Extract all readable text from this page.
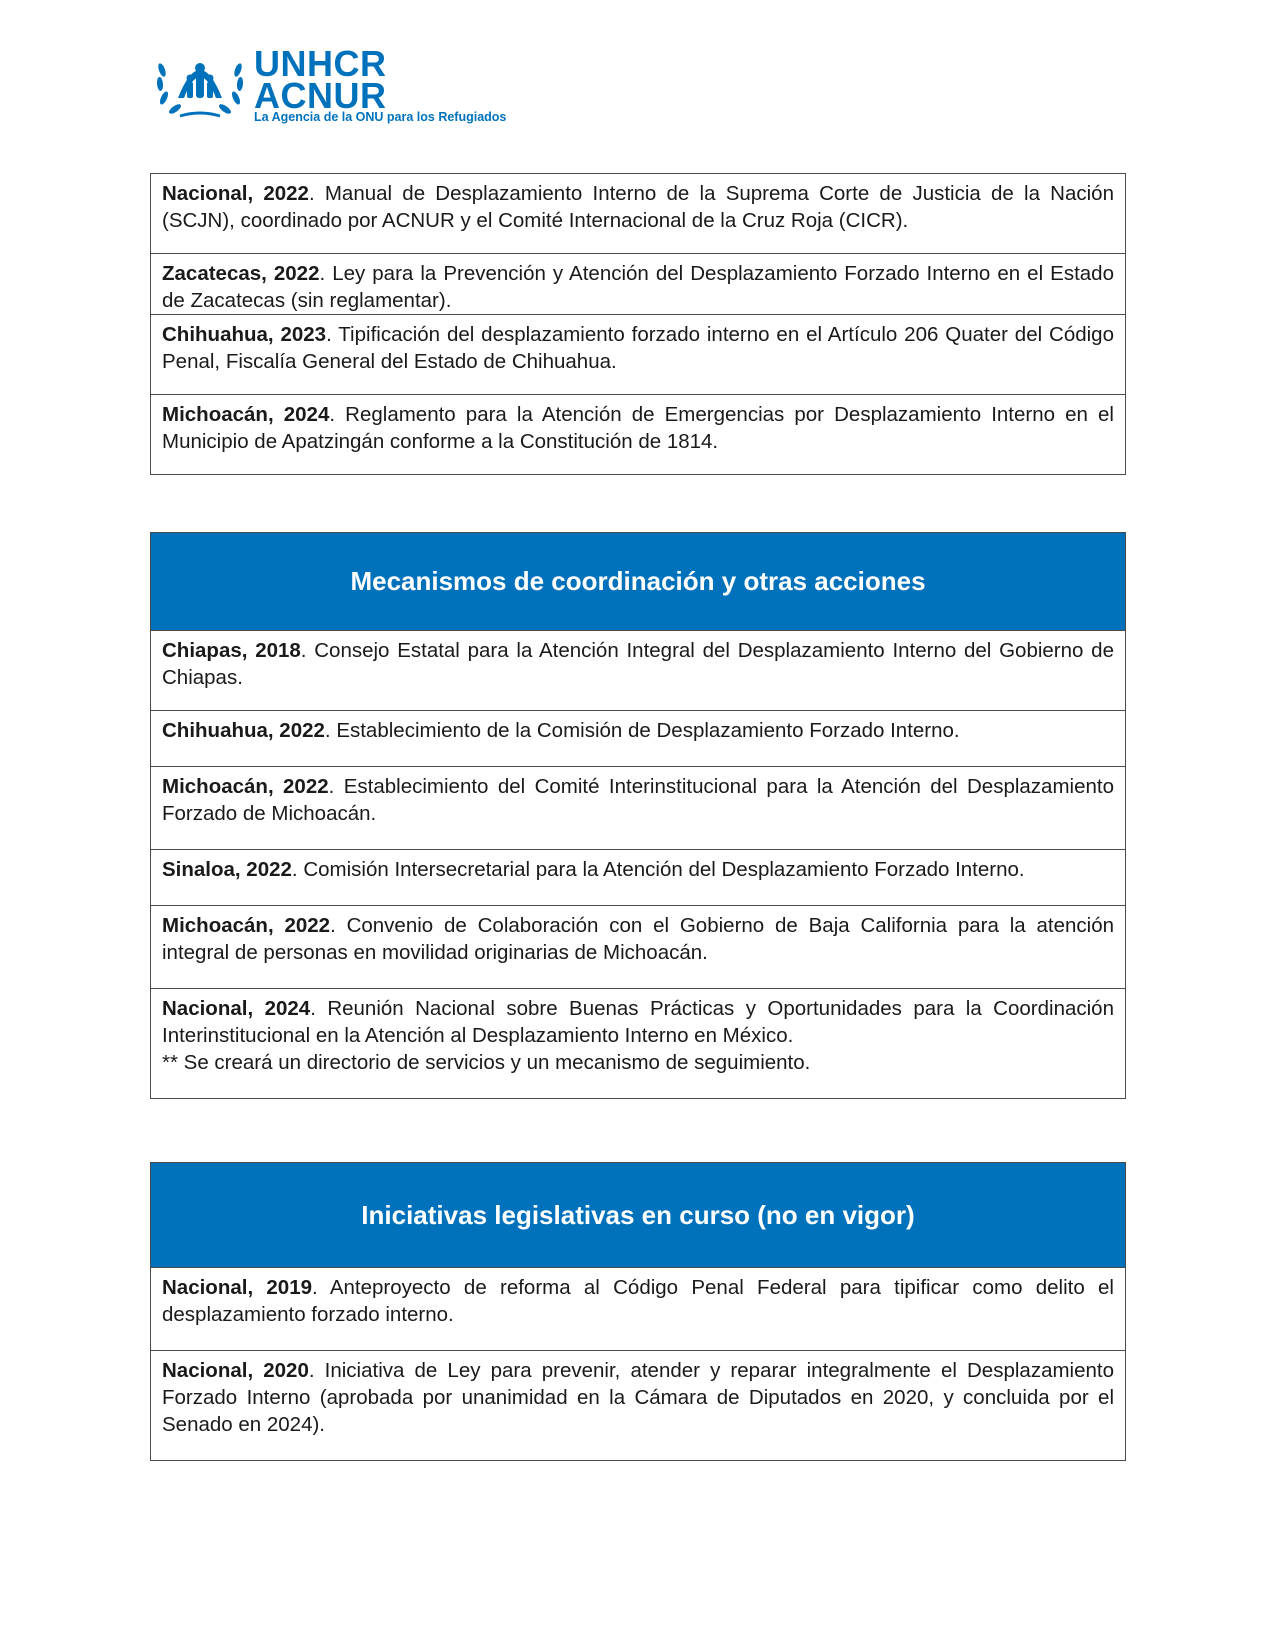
UNHCR
ACNUR
La Agencia de la ONU para los Refugiados
Nacional, 2022. Manual de Desplazamiento Interno de la Suprema Corte de Justicia de la Nación (SCJN), coordinado por ACNUR y el Comité Internacional de la Cruz Roja (CICR).
Zacatecas, 2022. Ley para la Prevención y Atención del Desplazamiento Forzado Interno en el Estado de Zacatecas (sin reglamentar).
Chihuahua, 2023. Tipificación del desplazamiento forzado interno en el Artículo 206 Quater del Código Penal, Fiscalía General del Estado de Chihuahua.
Michoacán, 2024. Reglamento para la Atención de Emergencias por Desplazamiento Interno en el Municipio de Apatzingán conforme a la Constitución de 1814.
Mecanismos de coordinación y otras acciones
Chiapas, 2018. Consejo Estatal para la Atención Integral del Desplazamiento Interno del Gobierno de Chiapas.
Chihuahua, 2022. Establecimiento de la Comisión de Desplazamiento Forzado Interno.
Michoacán, 2022. Establecimiento del Comité Interinstitucional para la Atención del Desplazamiento Forzado de Michoacán.
Sinaloa, 2022. Comisión Intersecretarial para la Atención del Desplazamiento Forzado Interno.
Michoacán, 2022. Convenio de Colaboración con el Gobierno de Baja California para la atención integral de personas en movilidad originarias de Michoacán.
Nacional, 2024. Reunión Nacional sobre Buenas Prácticas y Oportunidades para la Coordinación Interinstitucional en la Atención al Desplazamiento Interno en México.
** Se creará un directorio de servicios y un mecanismo de seguimiento.
Iniciativas legislativas en curso (no en vigor)
Nacional, 2019. Anteproyecto de reforma al Código Penal Federal para tipificar como delito el desplazamiento forzado interno.
Nacional, 2020. Iniciativa de Ley para prevenir, atender y reparar integralmente el Desplazamiento Forzado Interno (aprobada por unanimidad en la Cámara de Diputados en 2020, y concluida por el Senado en 2024).
